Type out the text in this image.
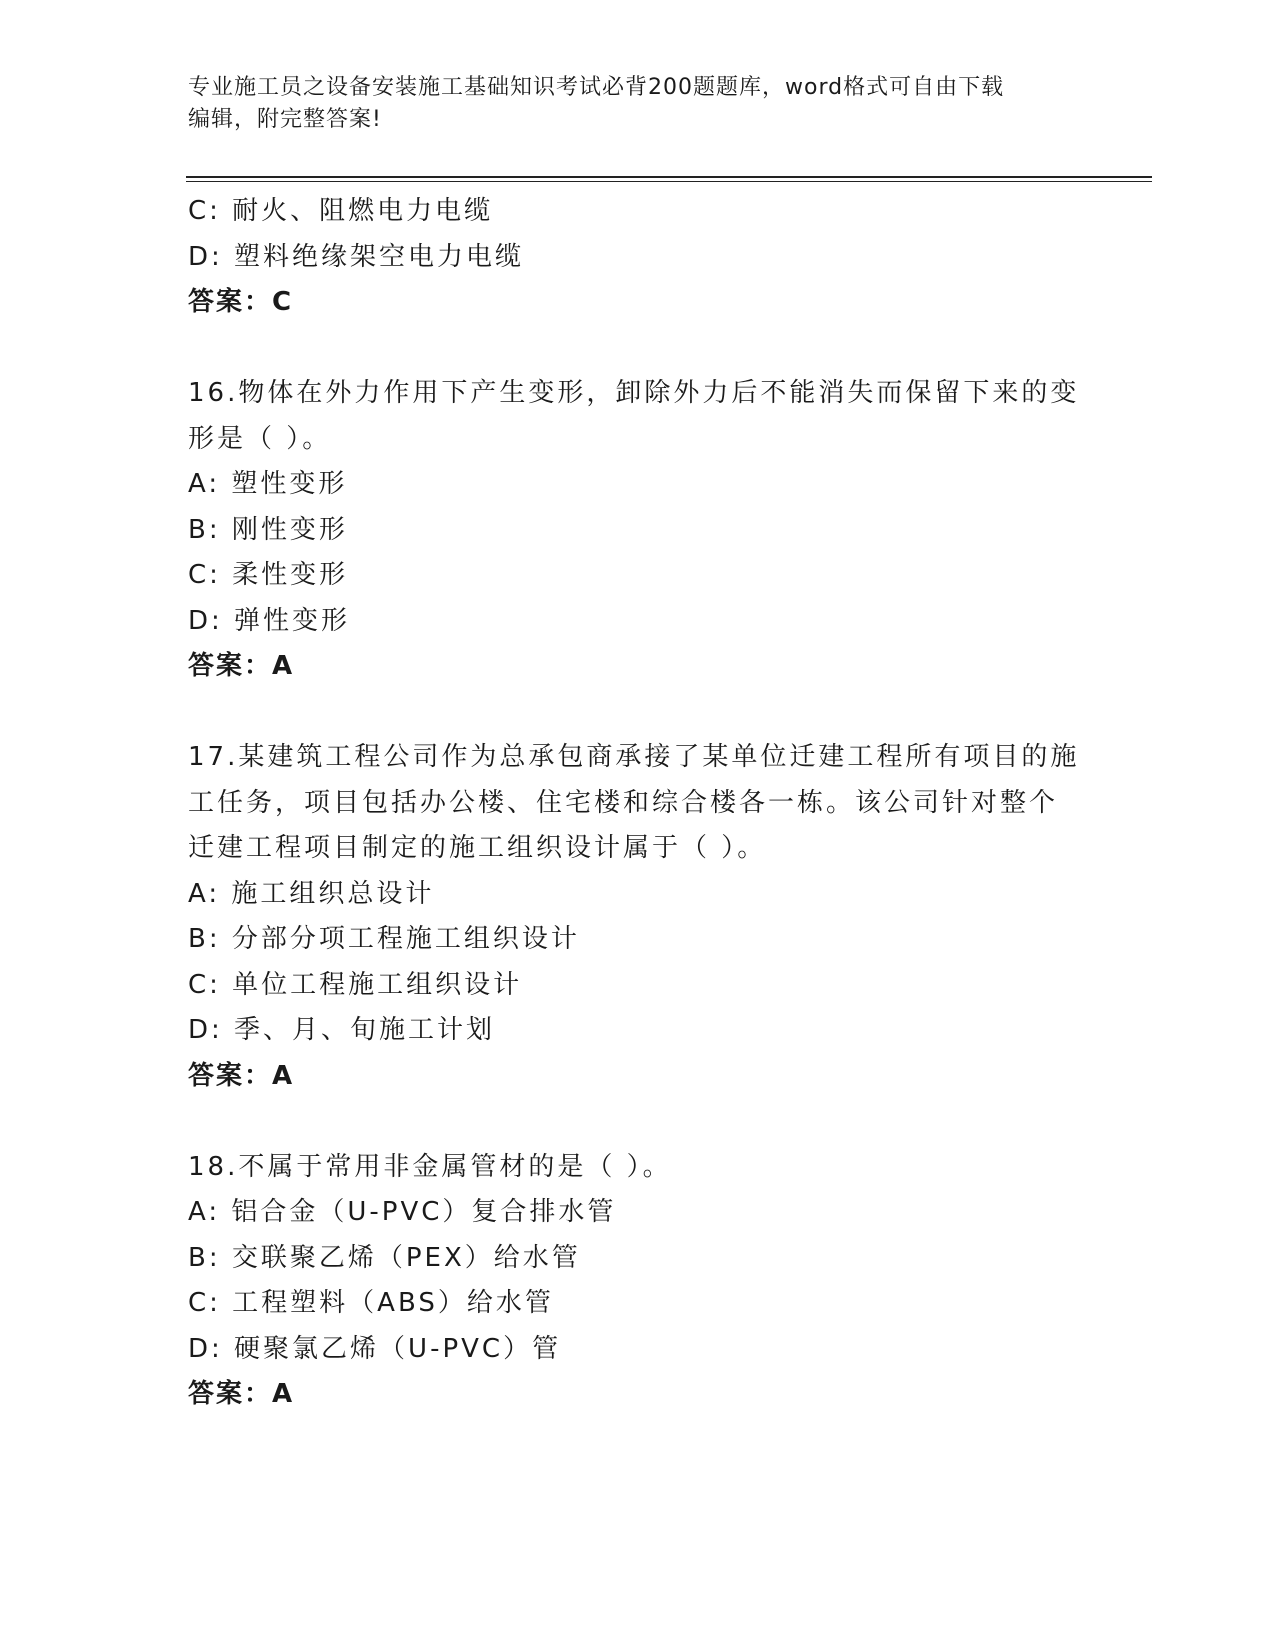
专业施工员之设备安装施工基础知识考试必背200题题库，word格式可自由下载
编辑，附完整答案!
C: 耐火、阻燃电力电缆
D: 塑料绝缘架空电力电缆
答案：C
16.物体在外力作用下产生变形，卸除外力后不能消失而保留下来的变
形是（ ）。
A: 塑性变形
B: 刚性变形
C: 柔性变形
D: 弹性变形
答案：A
17.某建筑工程公司作为总承包商承接了某单位迁建工程所有项目的施
工任务，项目包括办公楼、住宅楼和综合楼各一栋。该公司针对整个
迁建工程项目制定的施工组织设计属于（ ）。
A: 施工组织总设计
B: 分部分项工程施工组织设计
C: 单位工程施工组织设计
D: 季、月、旬施工计划
答案：A
18.不属于常用非金属管材的是（ ）。
A: 铝合金（U-PVC）复合排水管
B: 交联聚乙烯（PEX）给水管
C: 工程塑料（ABS）给水管
D: 硬聚氯乙烯（U-PVC）管
答案：A
